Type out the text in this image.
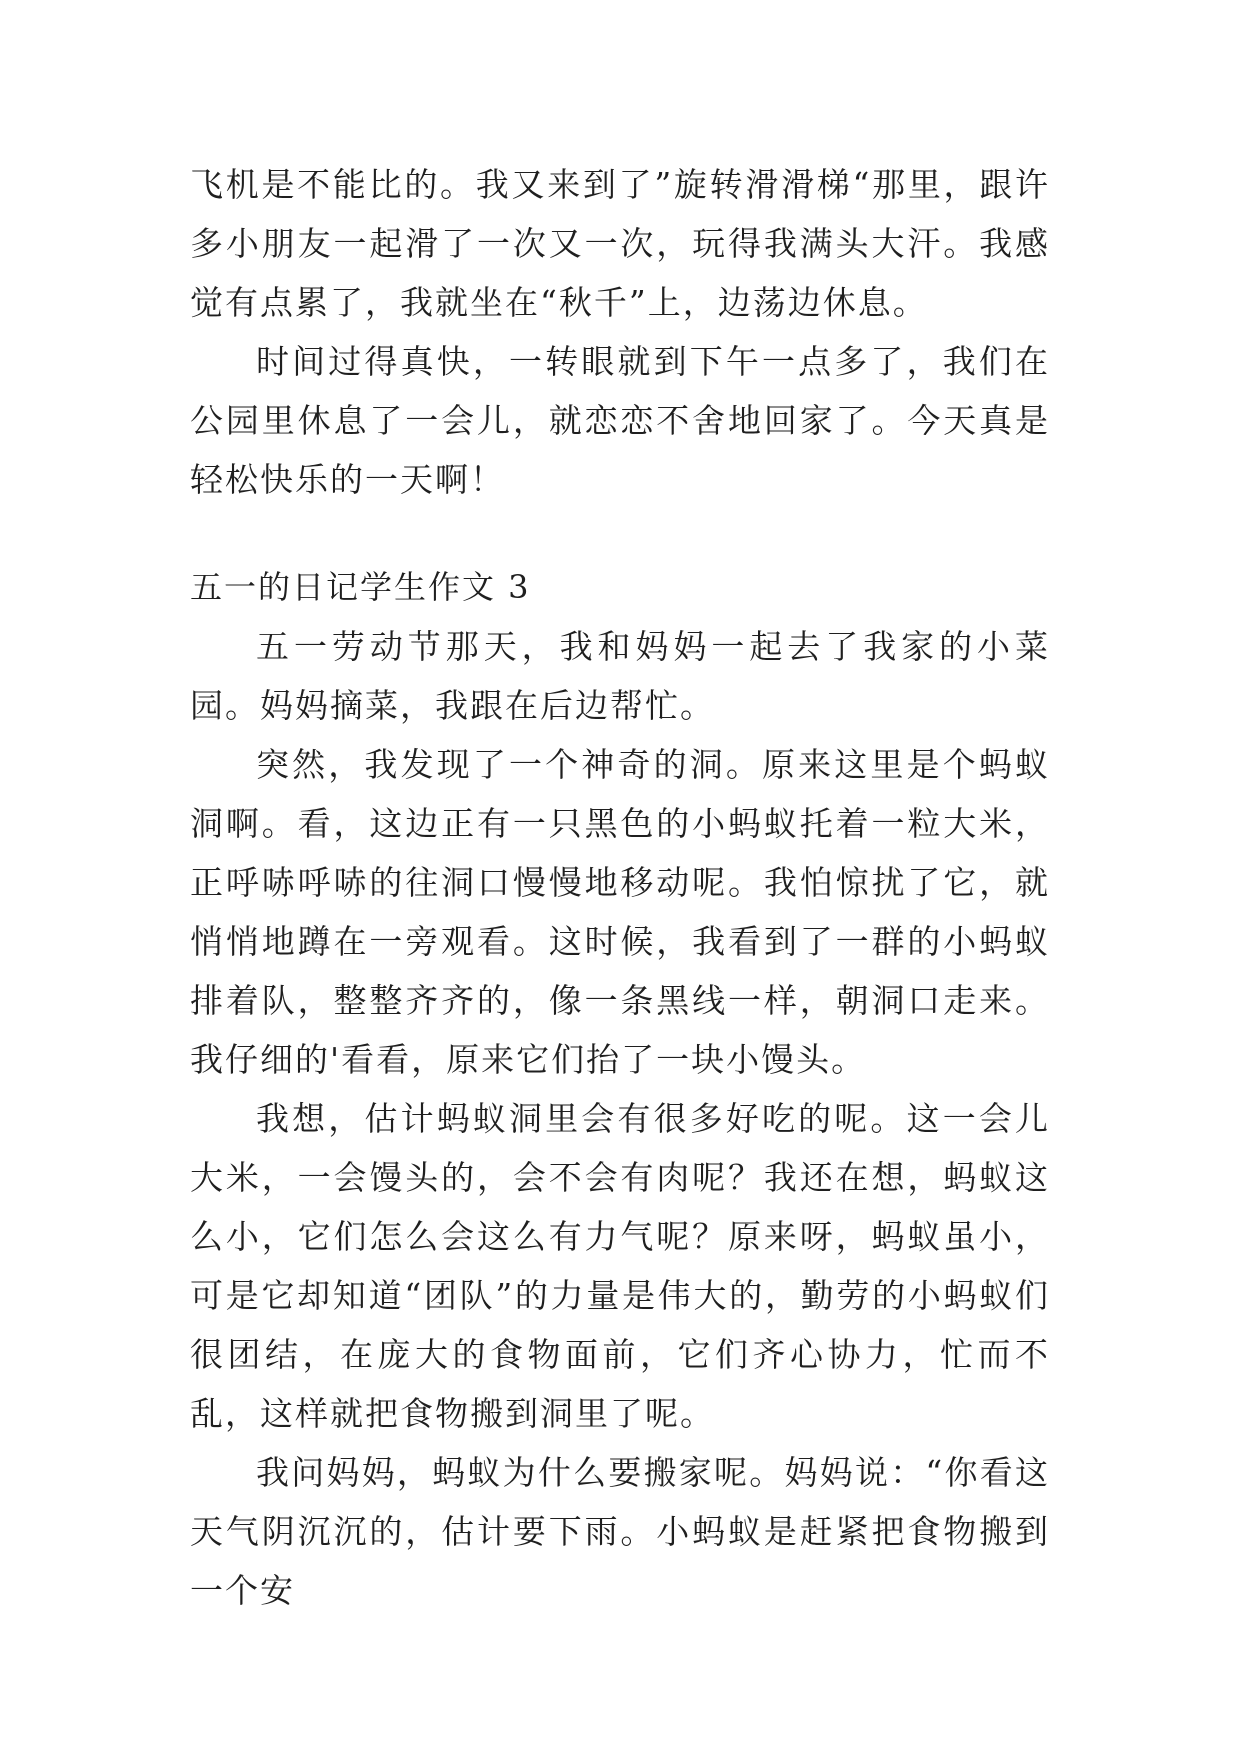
飞机是不能比的。我又来到了”旋转滑滑梯“那里，跟许多小朋友一起滑了一次又一次，玩得我满头大汗。我感觉有点累了，我就坐在“秋千”上，边荡边休息。

时间过得真快，一转眼就到下午一点多了，我们在公园里休息了一会儿，就恋恋不舍地回家了。今天真是轻松快乐的一天啊！

五一的日记学生作文 3

五一劳动节那天，我和妈妈一起去了我家的小菜园。妈妈摘菜，我跟在后边帮忙。

突然，我发现了一个神奇的洞。原来这里是个蚂蚁洞啊。看，这边正有一只黑色的小蚂蚁托着一粒大米，正呼哧呼哧的往洞口慢慢地移动呢。我怕惊扰了它，就悄悄地蹲在一旁观看。这时候，我看到了一群的小蚂蚁排着队，整整齐齐的，像一条黑线一样，朝洞口走来。我仔细的'看看，原来它们抬了一块小馒头。

我想，估计蚂蚁洞里会有很多好吃的呢。这一会儿大米，一会馒头的，会不会有肉呢？我还在想，蚂蚁这么小，它们怎么会这么有力气呢？原来呀，蚂蚁虽小，可是它却知道“团队”的力量是伟大的，勤劳的小蚂蚁们很团结，在庞大的食物面前，它们齐心协力，忙而不乱，这样就把食物搬到洞里了呢。

我问妈妈，蚂蚁为什么要搬家呢。妈妈说：“你看这天气阴沉沉的，估计要下雨。小蚂蚁是赶紧把食物搬到一个安
